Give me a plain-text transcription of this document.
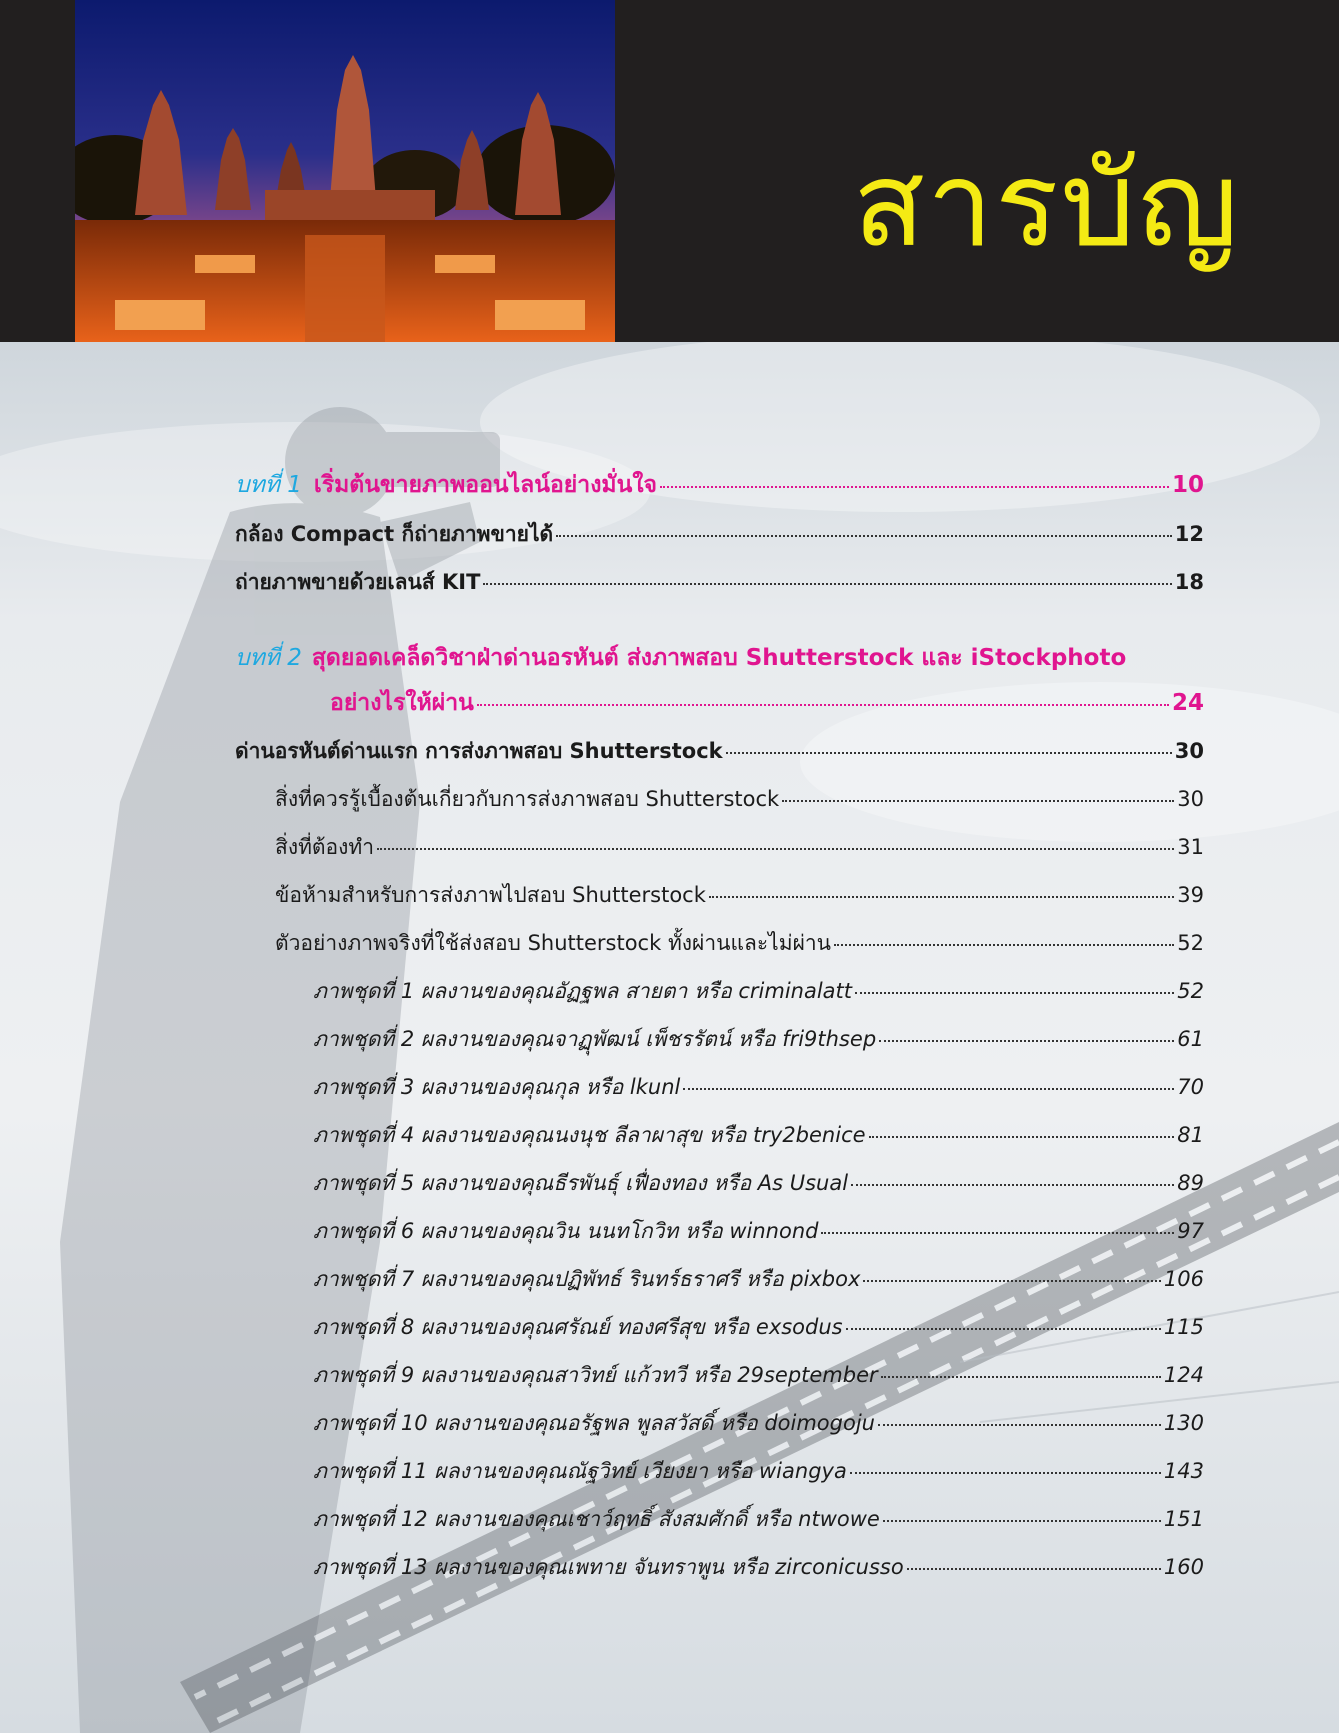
สารบัญ
บทที่ 1 เริ่มต้นขายภาพออนไลน์อย่างมั่นใจ	10
กล้อง Compact ก็ถ่ายภาพขายได้	12
ถ่ายภาพขายด้วยเลนส์ KIT	18
บทที่ 2 สุดยอดเคล็ดวิชาฝ่าด่านอรหันต์ ส่งภาพสอบ Shutterstock และ iStockphoto
อย่างไรให้ผ่าน	24
ด่านอรหันต์ด่านแรก การส่งภาพสอบ Shutterstock	30
สิ่งที่ควรรู้เบื้องต้นเกี่ยวกับการส่งภาพสอบ Shutterstock	30
สิ่งที่ต้องทำ	31
ข้อห้ามสำหรับการส่งภาพไปสอบ Shutterstock	39
ตัวอย่างภาพจริงที่ใช้ส่งสอบ Shutterstock ทั้งผ่านและไม่ผ่าน	52
ภาพชุดที่ 1 ผลงานของคุณอัฏฐพล สายตา หรือ criminalatt	52
ภาพชุดที่ 2 ผลงานของคุณจาฏุพัฒน์ เพ็ชรรัตน์ หรือ fri9thsep	61
ภาพชุดที่ 3 ผลงานของคุณกุล หรือ lkunl	70
ภาพชุดที่ 4 ผลงานของคุณนงนุช ลีลาผาสุข หรือ try2benice	81
ภาพชุดที่ 5 ผลงานของคุณธีรพันธุ์ เฟื่องทอง หรือ As Usual	89
ภาพชุดที่ 6 ผลงานของคุณวิน นนทโกวิท หรือ winnond	97
ภาพชุดที่ 7 ผลงานของคุณปฏิพัทธ์ รินทร์ธราศรี หรือ pixbox	106
ภาพชุดที่ 8 ผลงานของคุณศรัณย์ ทองศรีสุข หรือ exsodus	115
ภาพชุดที่ 9 ผลงานของคุณสาวิทย์ แก้วทวี หรือ 29september	124
ภาพชุดที่ 10 ผลงานของคุณอรัฐพล พูลสวัสดิ์ หรือ doimogoju	130
ภาพชุดที่ 11 ผลงานของคุณณัฐวิทย์ เวียงยา หรือ wiangya	143
ภาพชุดที่ 12 ผลงานของคุณเชาว์ฤทธิ์ สังสมศักดิ์ หรือ ntwowe	151
ภาพชุดที่ 13 ผลงานของคุณเพทาย จันทราพูน หรือ zirconicusso	160
